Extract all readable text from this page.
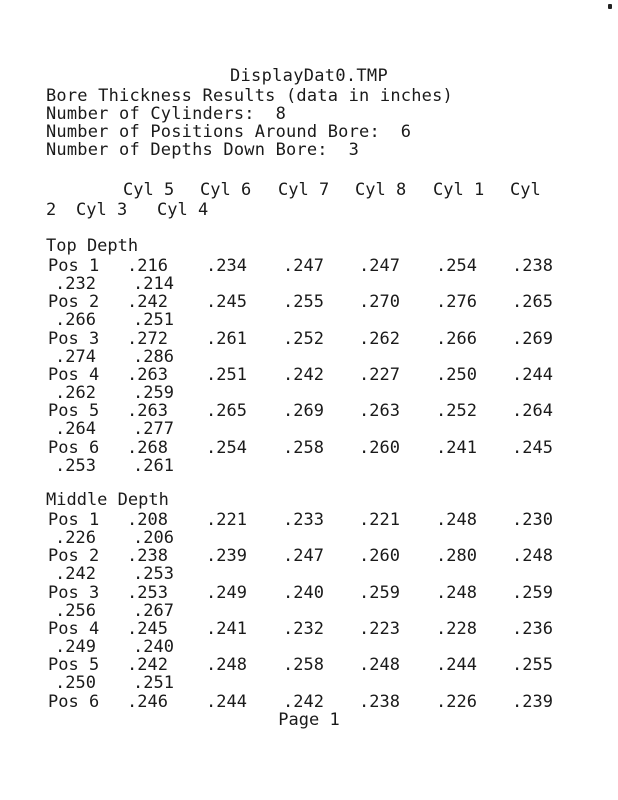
DisplayDat0.TMP
Bore Thickness Results (data in inches)
Number of Cylinders:  8
Number of Positions Around Bore:  6
Number of Depths Down Bore:  3
Cyl 5 Cyl 6 Cyl 7 Cyl 8 Cyl 1 Cyl
2 Cyl 3 Cyl 4
Top Depth
Pos 1 .216 .234 .247 .247 .254 .238
.232 .214
Pos 2 .242 .245 .255 .270 .276 .265
.266 .251
Pos 3 .272 .261 .252 .262 .266 .269
.274 .286
Pos 4 .263 .251 .242 .227 .250 .244
.262 .259
Pos 5 .263 .265 .269 .263 .252 .264
.264 .277
Pos 6 .268 .254 .258 .260 .241 .245
.253 .261
Middle Depth
Pos 1 .208 .221 .233 .221 .248 .230
.226 .206
Pos 2 .238 .239 .247 .260 .280 .248
.242 .253
Pos 3 .253 .249 .240 .259 .248 .259
.256 .267
Pos 4 .245 .241 .232 .223 .228 .236
.249 .240
Pos 5 .242 .248 .258 .248 .244 .255
.250 .251
Pos 6 .246 .244 .242 .238 .226 .239
Page 1
